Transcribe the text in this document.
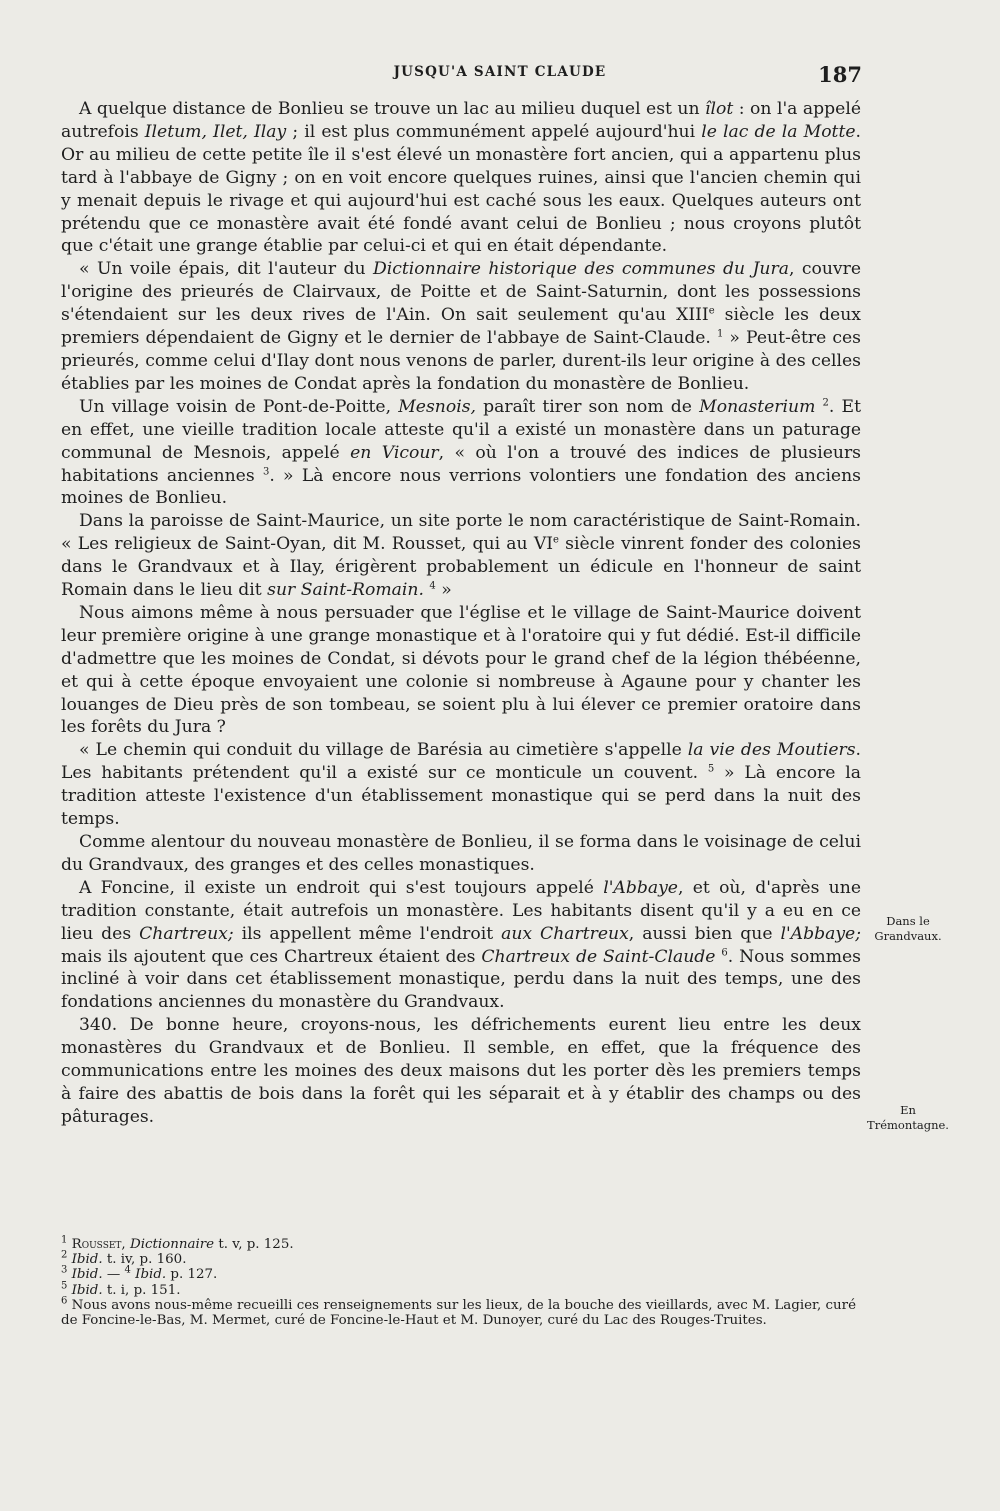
JUSQU'A SAINT CLAUDE	187

A quelque distance de Bonlieu se trouve un lac au milieu duquel est un îlot : on l'a appelé autrefois Iletum, Ilet, Ilay ; il est plus communément appelé aujourd'hui le lac de la Motte. Or au milieu de cette petite île il s'est élevé un monastère fort ancien, qui a appartenu plus tard à l'abbaye de Gigny ; on en voit encore quelques ruines, ainsi que l'ancien chemin qui y menait depuis le rivage et qui aujourd'hui est caché sous les eaux. Quelques auteurs ont prétendu que ce monastère avait été fondé avant celui de Bonlieu ; nous croyons plutôt que c'était une grange établie par celui-ci et qui en était dépendante.

« Un voile épais, dit l'auteur du Dictionnaire historique des communes du Jura, couvre l'origine des prieurés de Clairvaux, de Poitte et de Saint-Saturnin, dont les possessions s'étendaient sur les deux rives de l'Ain. On sait seulement qu'au XIIIe siècle les deux premiers dépendaient de Gigny et le dernier de l'abbaye de Saint-Claude. $^1$ » Peut-être ces prieurés, comme celui d'Ilay dont nous venons de parler, durent-ils leur origine à des celles établies par les moines de Condat après la fondation du monastère de Bonlieu.

Un village voisin de Pont-de-Poitte, Mesnois, paraît tirer son nom de Monasterium $^2$. Et en effet, une vieille tradition locale atteste qu'il a existé un monastère dans un paturage communal de Mesnois, appelé en Vicour, « où l'on a trouvé des indices de plusieurs habitations anciennes $^3$. » Là encore nous verrions volontiers une fondation des anciens moines de Bonlieu.

Dans la paroisse de Saint-Maurice, un site porte le nom caractéristique de Saint-Romain. « Les religieux de Saint-Oyan, dit M. Rousset, qui au VIe siècle vinrent fonder des colonies dans le Grandvaux et à Ilay, érigèrent probablement un édicule en l'honneur de saint Romain dans le lieu dit sur Saint-Romain. $^4$ »

Nous aimons même à nous persuader que l'église et le village de Saint-Maurice doivent leur première origine à une grange monastique et à l'oratoire qui y fut dédié. Est-il difficile d'admettre que les moines de Condat, si dévots pour le grand chef de la légion thébéenne, et qui à cette époque envoyaient une colonie si nombreuse à Agaune pour y chanter les louanges de Dieu près de son tombeau, se soient plu à lui élever ce premier oratoire dans les forêts du Jura ?

« Le chemin qui conduit du village de Barésia au cimetière s'appelle la vie des Moutiers. Les habitants prétendent qu'il a existé sur ce monticule un couvent. $^5$ » Là encore la tradition atteste l'existence d'un établissement monastique qui se perd dans la nuit des temps.

Comme alentour du nouveau monastère de Bonlieu, il se forma dans le voisinage de celui du Grandvaux, des granges et des celles monastiques.

A Foncine, il existe un endroit qui s'est toujours appelé l'Abbaye, et où, d'après une tradition constante, était autrefois un monastère. Les habitants disent qu'il y a eu en ce lieu des Chartreux; ils appellent même l'endroit aux Chartreux, aussi bien que l'Abbaye; mais ils ajoutent que ces Chartreux étaient des Chartreux de Saint-Claude $^6$. Nous sommes incliné à voir dans cet établissement monastique, perdu dans la nuit des temps, une des fondations anciennes du monastère du Grandvaux.

340. De bonne heure, croyons-nous, les défrichements eurent lieu entre les deux monastères du Grandvaux et de Bonlieu. Il semble, en effet, que la fréquence des communications entre les moines des deux maisons dut les porter dès les premiers temps à faire des abattis de bois dans la forêt qui les séparait et à y établir des champs ou des pâturages.

Dans le Grandvaux.
En Trémontagne.

$^1$ Rousset, Dictionnaire t. v, p. 125.

$^2$ Ibid. t. iv, p. 160.

$^3$ Ibid. — $^4$ Ibid. p. 127.

$^5$ Ibid. t. i, p. 151.

$^6$ Nous avons nous-même recueilli ces renseignements sur les lieux, de la bouche des vieillards, avec M. Lagier, curé de Foncine-le-Bas, M. Mermet, curé de Foncine-le-Haut et M. Dunoyer, curé du Lac des Rouges-Truites.
